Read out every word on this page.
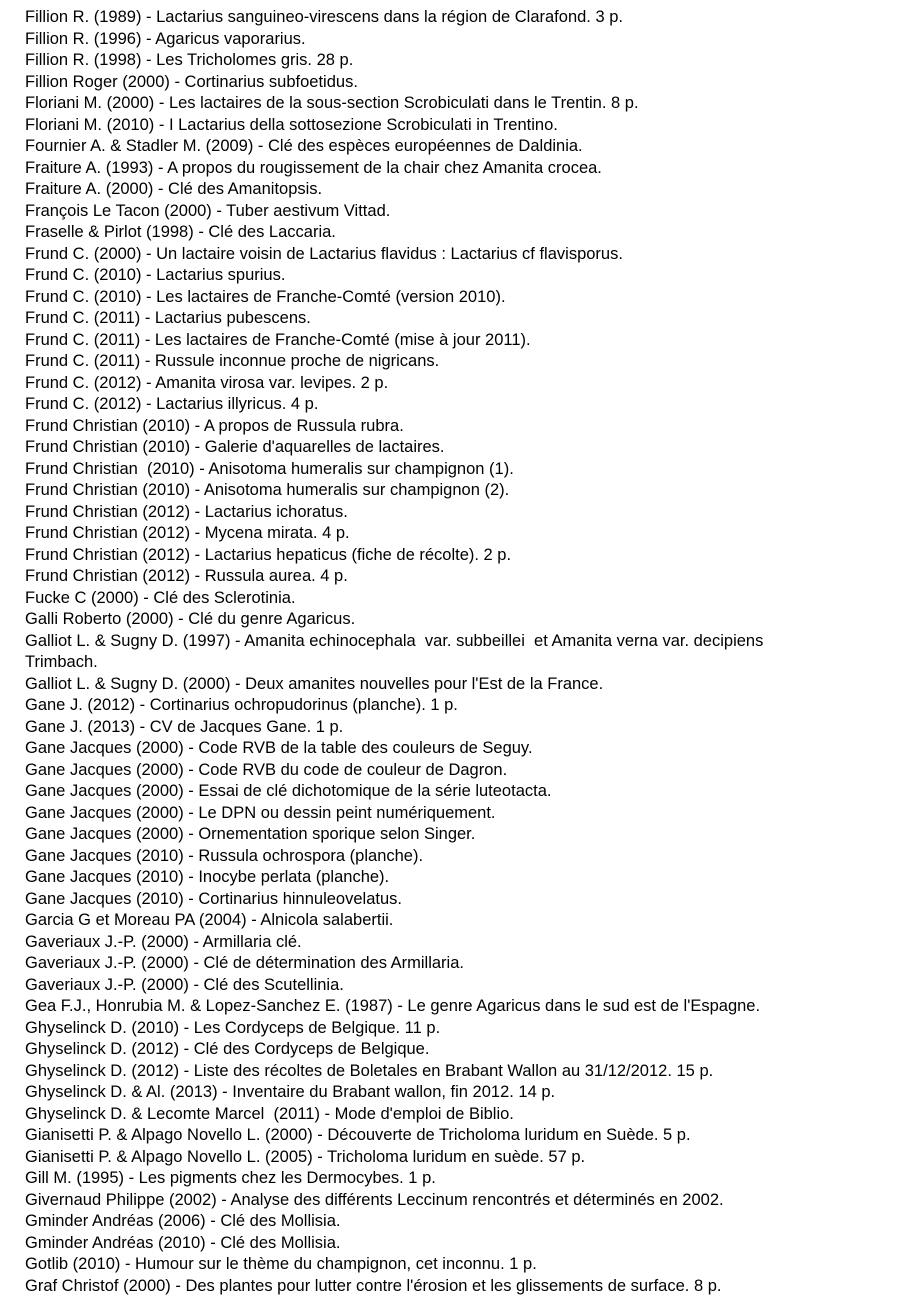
Fillion R. (1989) - Lactarius sanguineo-virescens dans la région de Clarafond. 3 p.
Fillion R. (1996) - Agaricus vaporarius.
Fillion R. (1998) - Les Tricholomes gris. 28 p.
Fillion Roger (2000) - Cortinarius subfoetidus.
Floriani M. (2000) - Les lactaires de la sous-section Scrobiculati dans le Trentin. 8 p.
Floriani M. (2010) - I Lactarius della sottosezione Scrobiculati in Trentino.
Fournier A. & Stadler M. (2009) - Clé des espèces européennes de Daldinia.
Fraiture A. (1993) - A propos du rougissement de la chair chez Amanita crocea.
Fraiture A. (2000) - Clé des Amanitopsis.
François Le Tacon (2000) - Tuber aestivum Vittad.
Fraselle & Pirlot (1998) - Clé des Laccaria.
Frund C. (2000) - Un lactaire voisin de Lactarius flavidus : Lactarius cf flavisporus.
Frund C. (2010) - Lactarius spurius.
Frund C. (2010) - Les lactaires de Franche-Comté (version 2010).
Frund C. (2011) - Lactarius pubescens.
Frund C. (2011) - Les lactaires de Franche-Comté (mise à jour 2011).
Frund C. (2011) - Russule inconnue proche de nigricans.
Frund C. (2012) - Amanita virosa var. levipes. 2 p.
Frund C. (2012) - Lactarius illyricus. 4 p.
Frund Christian (2010) - A propos de Russula rubra.
Frund Christian (2010) - Galerie d'aquarelles de lactaires.
Frund Christian  (2010) - Anisotoma humeralis sur champignon (1).
Frund Christian (2010) - Anisotoma humeralis sur champignon (2).
Frund Christian (2012) - Lactarius ichoratus.
Frund Christian (2012) - Mycena mirata. 4 p.
Frund Christian (2012) - Lactarius hepaticus (fiche de récolte). 2 p.
Frund Christian (2012) - Russula aurea. 4 p.
Fucke C (2000) - Clé des Sclerotinia.
Galli Roberto (2000) - Clé du genre Agaricus.
Galliot L. & Sugny D. (1997) - Amanita echinocephala  var. subbeillei  et Amanita verna var. decipiens
Trimbach.
Galliot L. & Sugny D. (2000) - Deux amanites nouvelles pour l'Est de la France.
Gane J. (2012) - Cortinarius ochropudorinus (planche). 1 p.
Gane J. (2013) - CV de Jacques Gane. 1 p.
Gane Jacques (2000) - Code RVB de la table des couleurs de Seguy.
Gane Jacques (2000) - Code RVB du code de couleur de Dagron.
Gane Jacques (2000) - Essai de clé dichotomique de la série luteotacta.
Gane Jacques (2000) - Le DPN ou dessin peint numériquement.
Gane Jacques (2000) - Ornementation sporique selon Singer.
Gane Jacques (2010) - Russula ochrospora (planche).
Gane Jacques (2010) - Inocybe perlata (planche).
Gane Jacques (2010) - Cortinarius hinnuleovelatus.
Garcia G et Moreau PA (2004) - Alnicola salabertii.
Gaveriaux J.-P. (2000) - Armillaria clé.
Gaveriaux J.-P. (2000) - Clé de détermination des Armillaria.
Gaveriaux J.-P. (2000) - Clé des Scutellinia.
Gea F.J., Honrubia M. & Lopez-Sanchez E. (1987) - Le genre Agaricus dans le sud est de l'Espagne.
Ghyselinck D. (2010) - Les Cordyceps de Belgique. 11 p.
Ghyselinck D. (2012) - Clé des Cordyceps de Belgique.
Ghyselinck D. (2012) - Liste des récoltes de Boletales en Brabant Wallon au 31/12/2012. 15 p.
Ghyselinck D. & Al. (2013) - Inventaire du Brabant wallon, fin 2012. 14 p.
Ghyselinck D. & Lecomte Marcel  (2011) - Mode d'emploi de Biblio.
Gianisetti P. & Alpago Novello L. (2000) - Découverte de Tricholoma luridum en Suède. 5 p.
Gianisetti P. & Alpago Novello L. (2005) - Tricholoma luridum en suède. 57 p.
Gill M. (1995) - Les pigments chez les Dermocybes. 1 p.
Givernaud Philippe (2002) - Analyse des différents Leccinum rencontrés et déterminés en 2002.
Gminder Andréas (2006) - Clé des Mollisia.
Gminder Andréas (2010) - Clé des Mollisia.
Gotlib (2010) - Humour sur le thème du champignon, cet inconnu. 1 p.
Graf Christof (2000) - Des plantes pour lutter contre l'érosion et les glissements de surface. 8 p.
